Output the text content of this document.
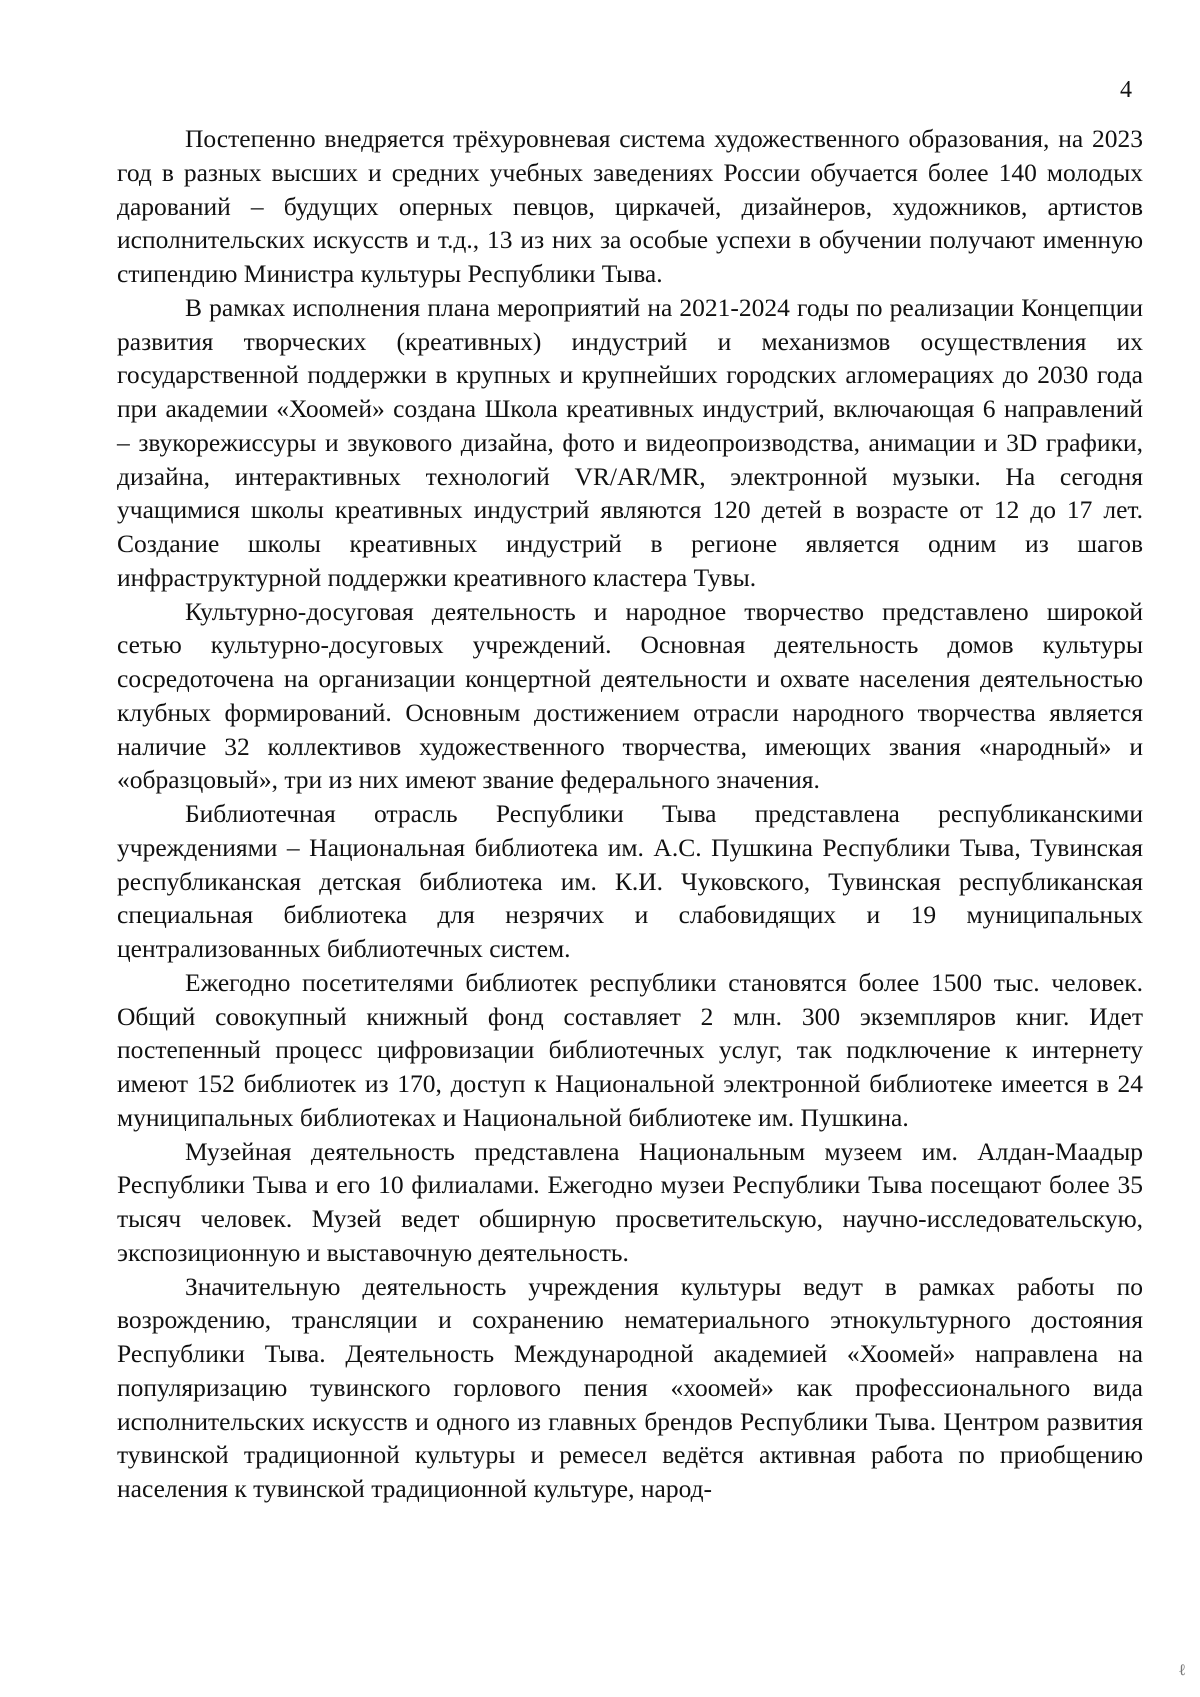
4

Постепенно внедряется трёхуровневая система художественного образования, на 2023 год в разных высших и средних учебных заведениях России обучается более 140 молодых дарований – будущих оперных певцов, циркачей, дизайнеров, художников, артистов исполнительских искусств и т.д., 13 из них за особые успехи в обучении получают именную стипендию Министра культуры Республики Тыва.

В рамках исполнения плана мероприятий на 2021-2024 годы по реализации Концепции развития творческих (креативных) индустрий и механизмов осуществления их государственной поддержки в крупных и крупнейших городских агломерациях до 2030 года при академии «Хоомей» создана Школа креативных индустрий, включающая 6 направлений – звукорежиссуры и звукового дизайна, фото и видеопроизводства, анимации и 3D графики, дизайна, интерактивных технологий VR/AR/MR, электронной музыки. На сегодня учащимися школы креативных индустрий являются 120 детей в возрасте от 12 до 17 лет. Создание школы креативных индустрий в регионе является одним из шагов инфраструктурной поддержки креативного кластера Тувы.

Культурно-досуговая деятельность и народное творчество представлено широкой сетью культурно-досуговых учреждений. Основная деятельность домов культуры сосредоточена на организации концертной деятельности и охвате населения деятельностью клубных формирований. Основным достижением отрасли народного творчества является наличие 32 коллективов художественного творчества, имеющих звания «народный» и «образцовый», три из них имеют звание федерального значения.

Библиотечная отрасль Республики Тыва представлена республиканскими учреждениями – Национальная библиотека им. А.С. Пушкина Республики Тыва, Тувинская республиканская детская библиотека им. К.И. Чуковского, Тувинская республиканская специальная библиотека для незрячих и слабовидящих и 19 муниципальных централизованных библиотечных систем.

Ежегодно посетителями библиотек республики становятся более 1500 тыс. человек. Общий совокупный книжный фонд составляет 2 млн. 300 экземпляров книг. Идет постепенный процесс цифровизации библиотечных услуг, так подключение к интернету имеют 152 библиотек из 170, доступ к Национальной электронной библиотеке имеется в 24 муниципальных библиотеках и Национальной библиотеке им. Пушкина.

Музейная деятельность представлена Национальным музеем им. Алдан-Маадыр Республики Тыва и его 10 филиалами. Ежегодно музеи Республики Тыва посещают более 35 тысяч человек. Музей ведет обширную просветительскую, научно-исследовательскую, экспозиционную и выставочную деятельность.

Значительную деятельность учреждения культуры ведут в рамках работы по возрождению, трансляции и сохранению нематериального этнокультурного достояния Республики Тыва. Деятельность Международной академией «Хоомей» направлена на популяризацию тувинского горлового пения «хоомей» как профессионального вида исполнительских искусств и одного из главных брендов Республики Тыва. Центром развития тувинской традиционной культуры и ремесел ведётся активная работа по приобщению населения к тувинской традиционной культуре, народ-

ℓ
